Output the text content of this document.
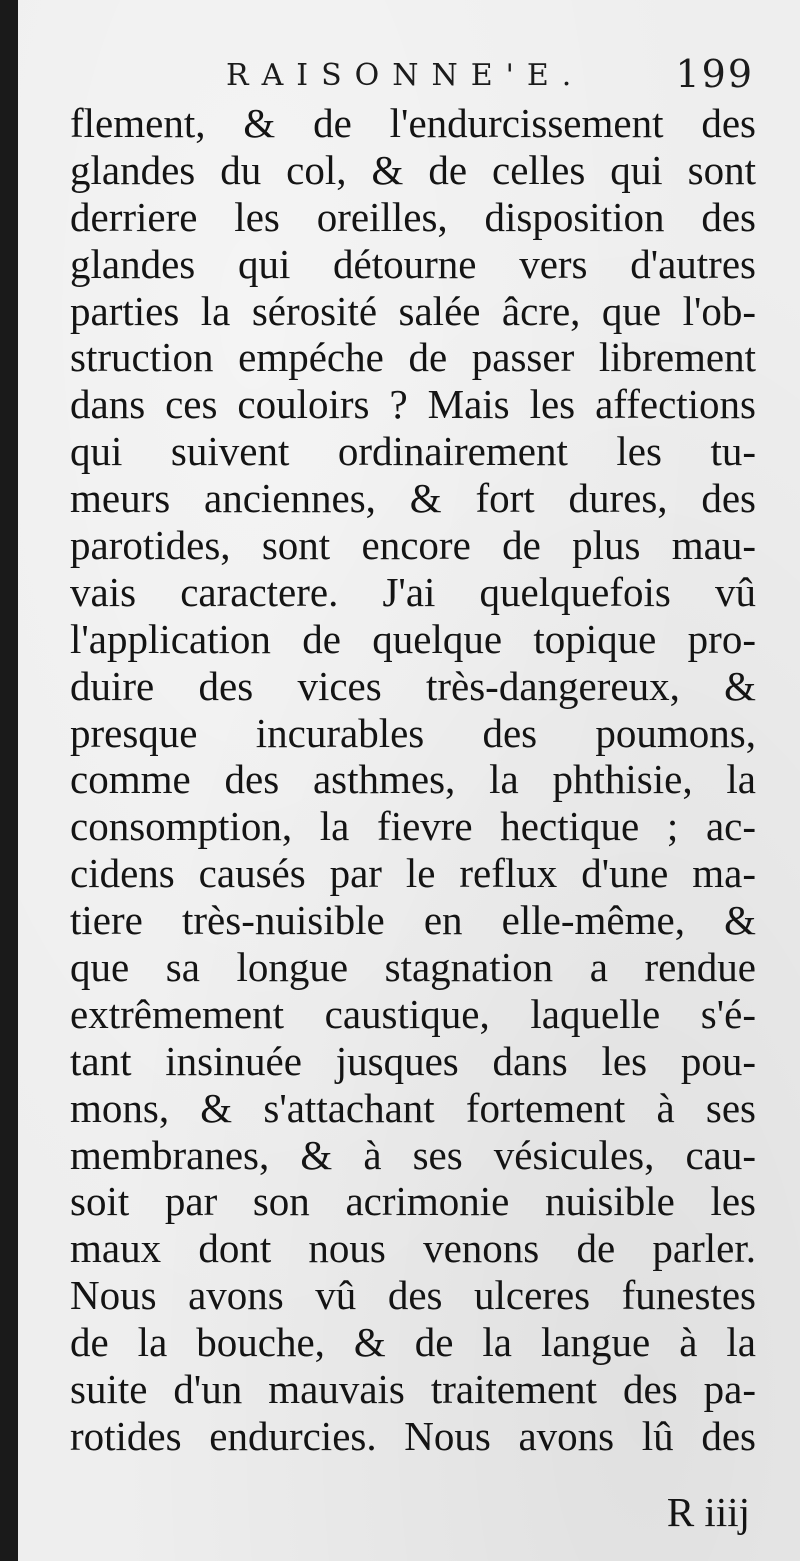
RAISONNE'E. 199
flement, & de l'endurcissement des
glandes du col, & de celles qui sont
derriere les oreilles, disposition des
glandes qui détourne vers d'autres
parties la sérosité salée âcre, que l'ob-
struction empéche de passer librement
dans ces couloirs ? Mais les affections
qui suivent ordinairement les tu-
meurs anciennes, & fort dures, des
parotides, sont encore de plus mau-
vais caractere. J'ai quelquefois vû
l'application de quelque topique pro-
duire des vices très-dangereux, &
presque incurables des poumons,
comme des asthmes, la phthisie, la
consomption, la fievre hectique ; ac-
cidens causés par le reflux d'une ma-
tiere très-nuisible en elle-même, &
que sa longue stagnation a rendue
extrêmement caustique, laquelle s'é-
tant insinuée jusques dans les pou-
mons, & s'attachant fortement à ses
membranes, & à ses vésicules, cau-
soit par son acrimonie nuisible les
maux dont nous venons de parler.
Nous avons vû des ulceres funestes
de la bouche, & de la langue à la
suite d'un mauvais traitement des pa-
rotides endurcies. Nous avons lû des
R iiij
